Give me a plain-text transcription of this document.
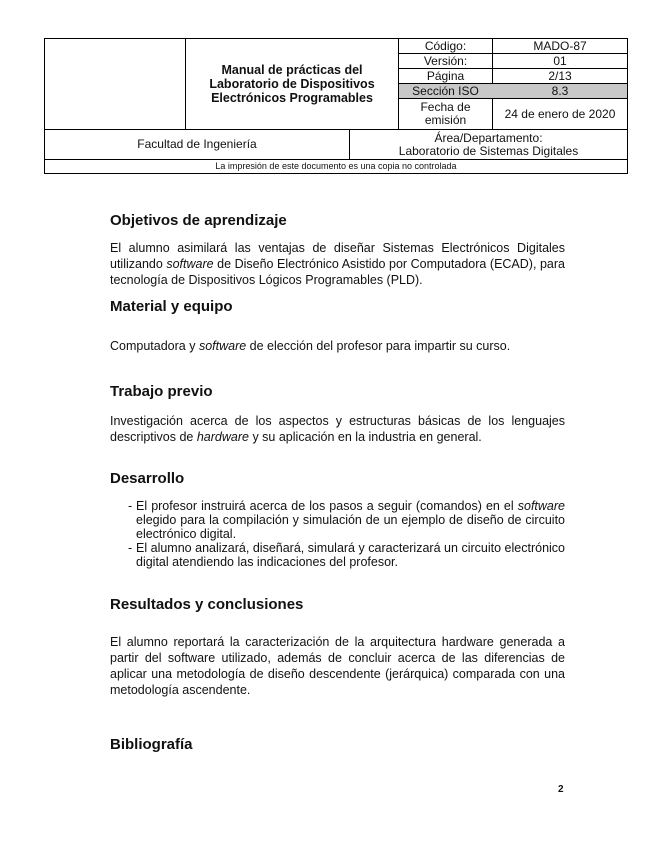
Manual de prácticas del
Laboratorio de Dispositivos
Electrónicos Programables
Código:	MADO-87
Versión:	01
Página	2/13
Sección ISO	8.3
Fecha de
emisión	24 de enero de 2020
Facultad de Ingeniería	Área/Departamento:
Laboratorio de Sistemas Digitales
La impresión de este documento es una copia no controlada
Objetivos de aprendizaje

El alumno asimilará las ventajas de diseñar Sistemas Electrónicos Digitales utilizando software de Diseño Electrónico Asistido por Computadora (ECAD), para tecnología de Dispositivos Lógicos Programables (PLD).

Material y equipo

Computadora y software de elección del profesor para impartir su curso.

Trabajo previo

Investigación acerca de los aspectos y estructuras básicas de los lenguajes descriptivos de hardware y su aplicación en la industria en general.

Desarrollo
- El profesor instruirá acerca de los pasos a seguir (comandos) en el software elegido para la compilación y simulación de un ejemplo de diseño de circuito electrónico digital.
- El alumno analizará, diseñará, simulará y caracterizará un circuito electrónico digital atendiendo las indicaciones del profesor.
Resultados y conclusiones

El alumno reportará la caracterización de la arquitectura hardware generada a partir del software utilizado, además de concluir acerca de las diferencias de aplicar una metodología de diseño descendente (jerárquica) comparada con una metodología ascendente.

Bibliografía
2
